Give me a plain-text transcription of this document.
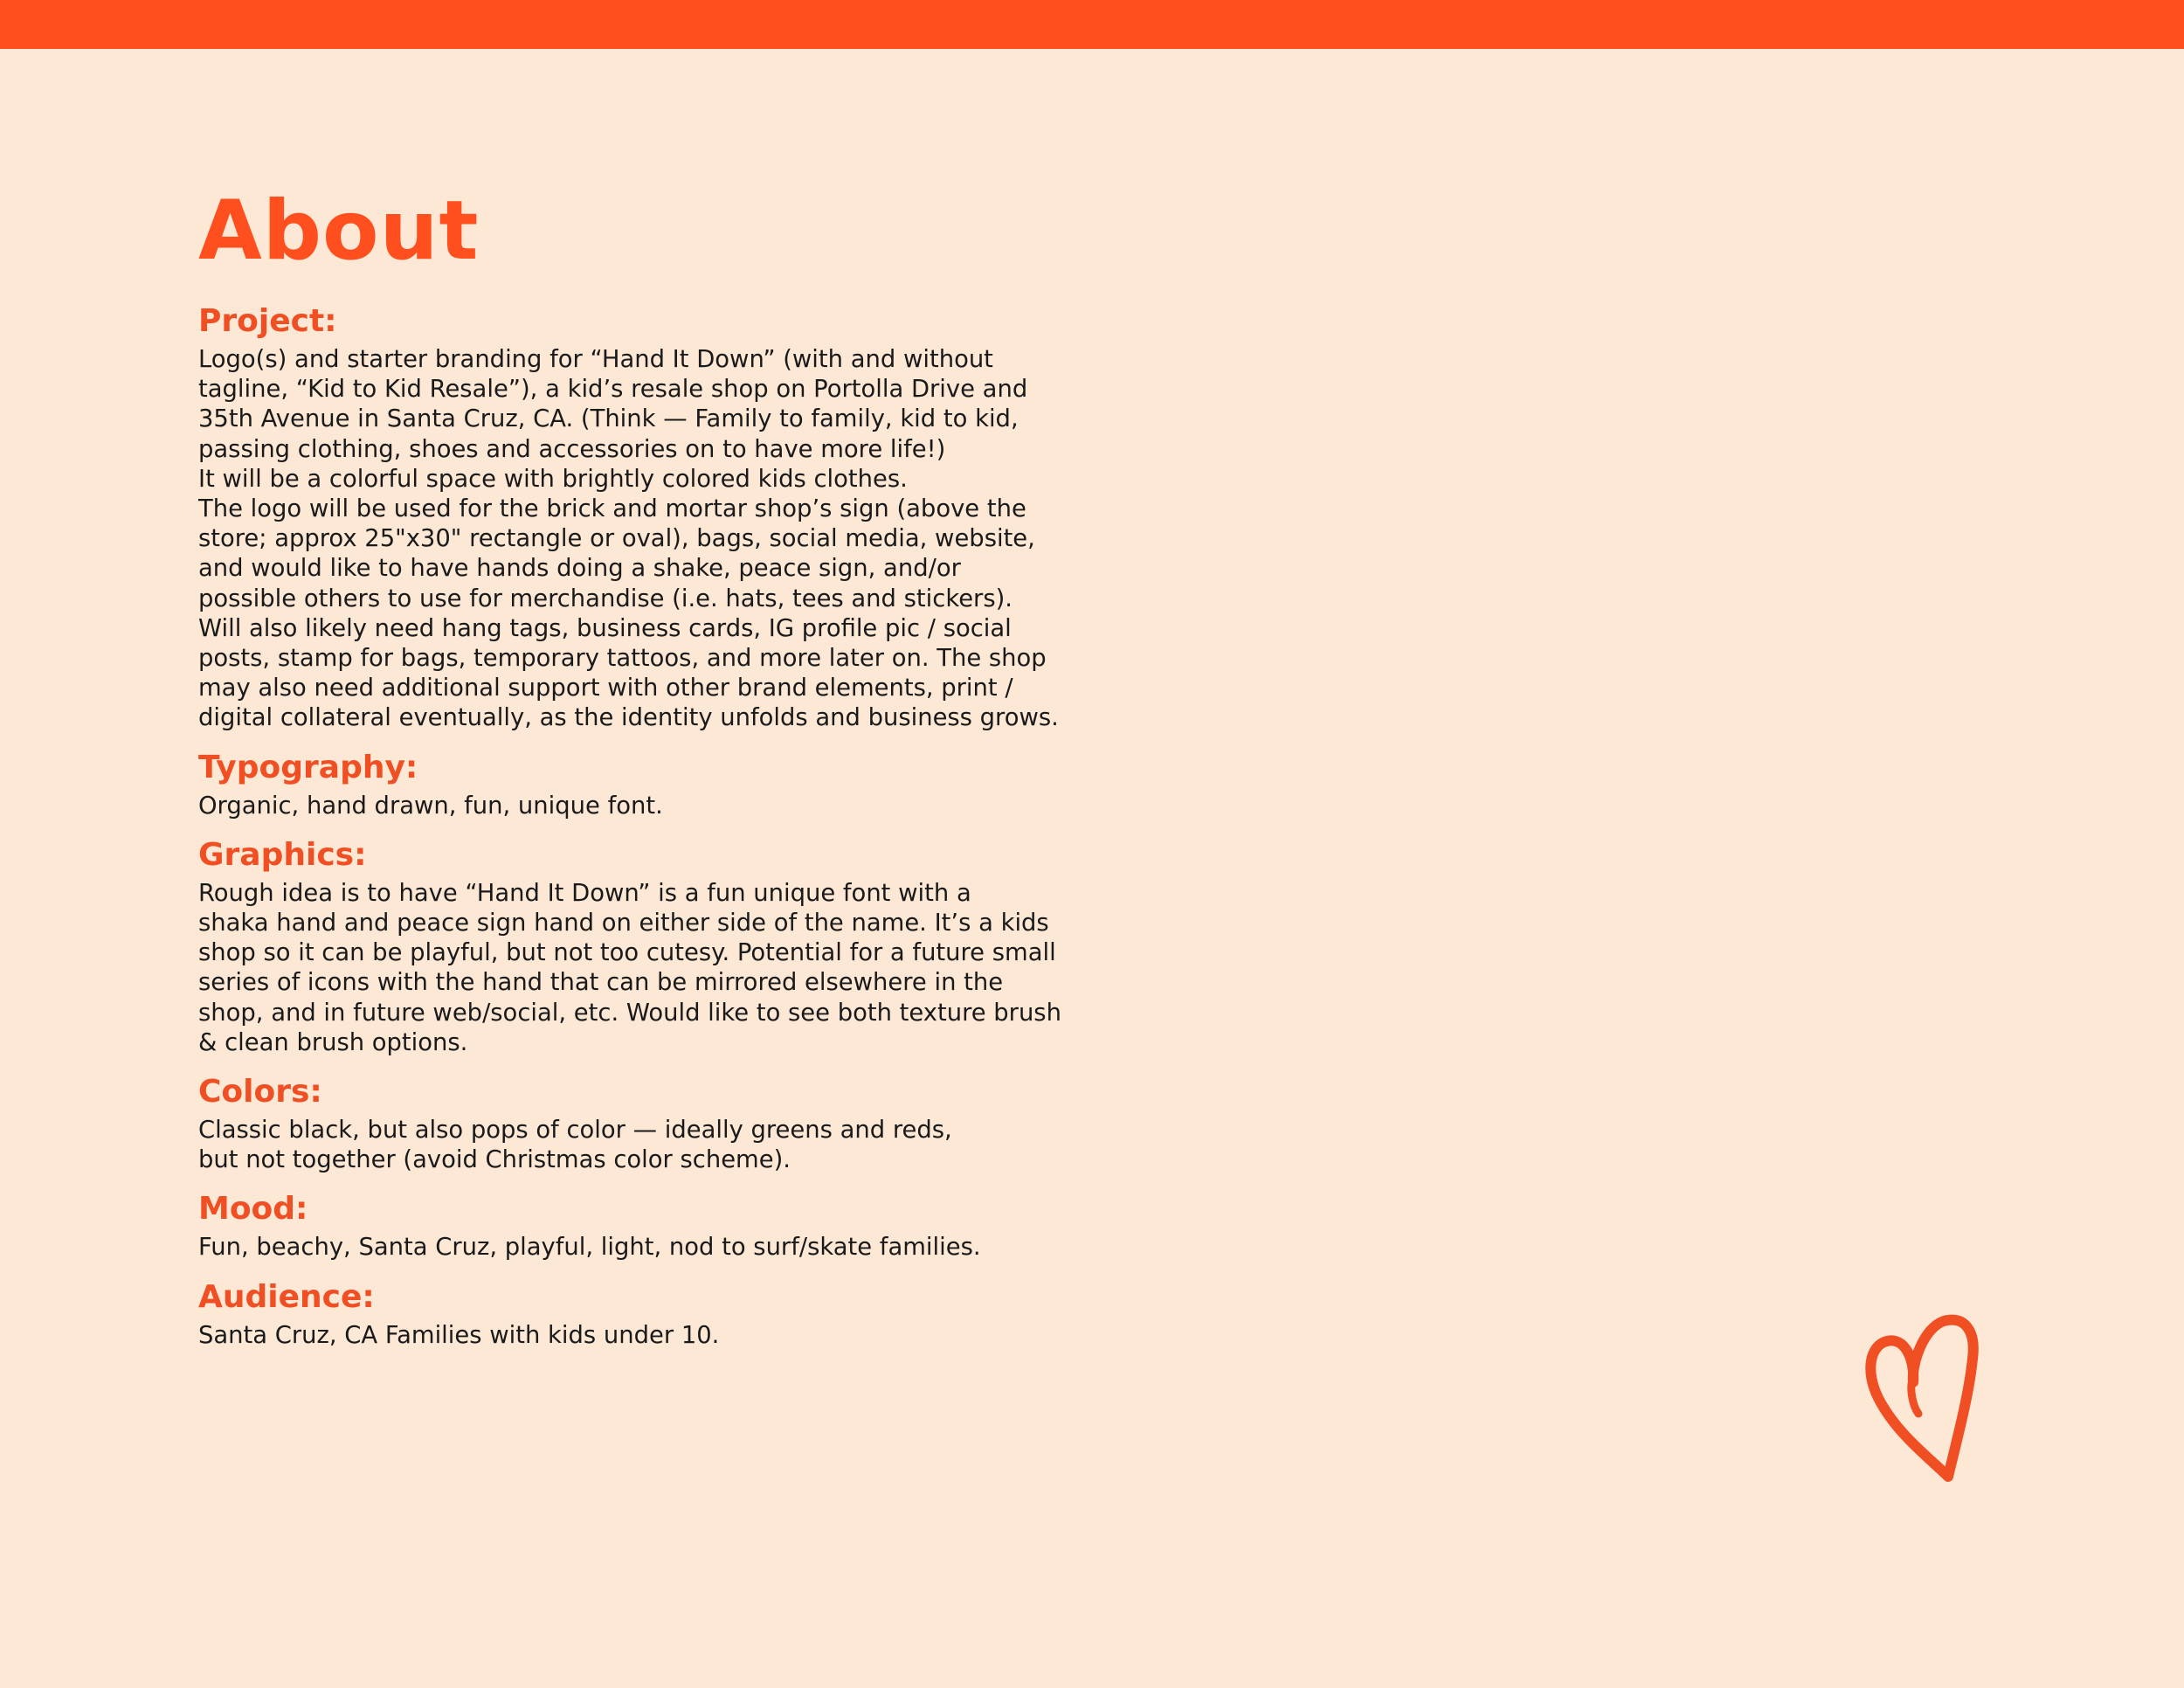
About
Project:

Logo(s) and starter branding for “Hand It Down” (with and without
tagline, “Kid to Kid Resale”), a kid’s resale shop on Portolla Drive and
35th Avenue in Santa Cruz, CA. (Think — Family to family, kid to kid,
passing clothing, shoes and accessories on to have more life!)
It will be a colorful space with brightly colored kids clothes.
The logo will be used for the brick and mortar shop’s sign (above the
store; approx 25"x30" rectangle or oval), bags, social media, website,
and would like to have hands doing a shake, peace sign, and/or
possible others to use for merchandise (i.e. hats, tees and stickers).
Will also likely need hang tags, business cards, IG profile pic / social
posts, stamp for bags, temporary tattoos, and more later on. The shop
may also need additional support with other brand elements, print /
digital collateral eventually, as the identity unfolds and business grows.

Typography:

Organic, hand drawn, fun, unique font.

Graphics:

Rough idea is to have “Hand It Down” is a fun unique font with a
shaka hand and peace sign hand on either side of the name. It’s a kids
shop so it can be playful, but not too cutesy. Potential for a future small
series of icons with the hand that can be mirrored elsewhere in the
shop, and in future web/social, etc. Would like to see both texture brush
& clean brush options.

Colors:

Classic black, but also pops of color — ideally greens and reds,
but not together (avoid Christmas color scheme).

Mood:

Fun, beachy, Santa Cruz, playful, light, nod to surf/skate families.

Audience:

Santa Cruz, CA Families with kids under 10.
